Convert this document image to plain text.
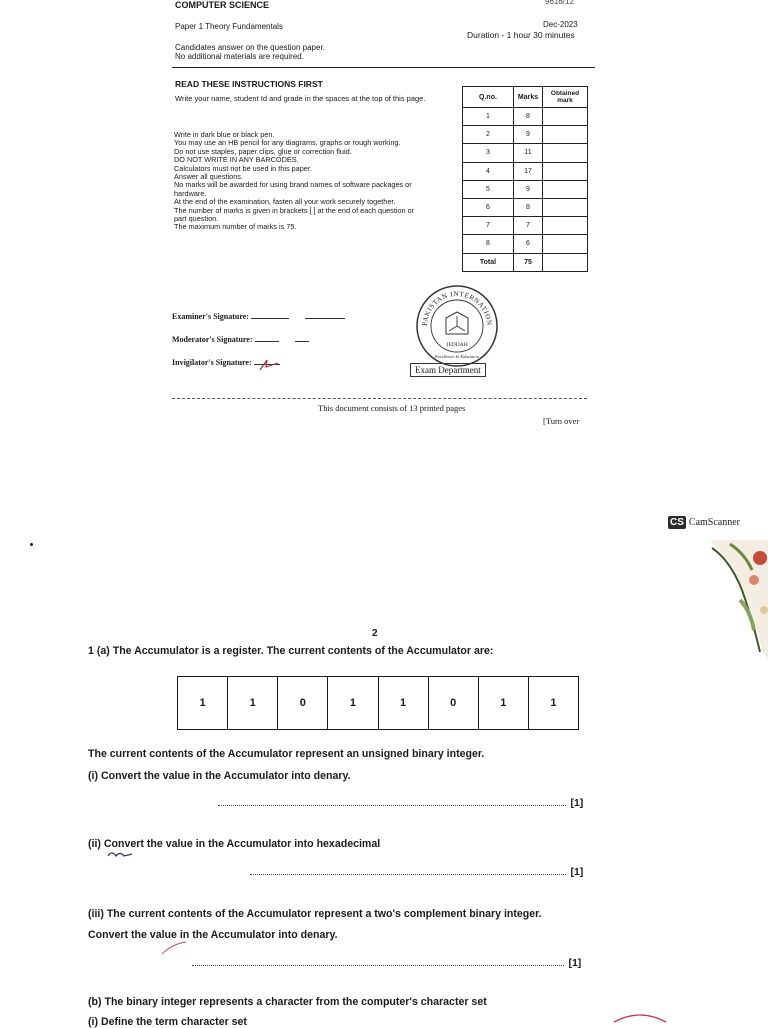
COMPUTER SCIENCE	9618/12
Paper 1 Theory Fundamentals	Dec-2023
Duration - 1 hour 30 minutes
Candidates answer on the question paper.
No additional materials are required.
READ THESE INSTRUCTIONS FIRST
Write your name, student Id and grade in the spaces at the top of this page.
Write in dark blue or black pen.
You may use an HB pencil for any diagrams, graphs or rough working.
Do not use staples, paper clips, glue or correction fluid.
DO NOT WRITE IN ANY BARCODES.
Calculators must not be used in this paper.
Answer all questions.
No marks will be awarded for using brand names of software packages or
hardware.
At the end of the examination, fasten all your work securely together.
The number of marks is given in brackets [ ] at the end of each question or
part question.
The maximum number of marks is 75.
Q.no.	Marks	Obtained mark
1	8	
2	9	
3	11	
4	17	
5	9	
6	8	
7	7	
8	6	
Total	75	
Examiner's Signature:
Moderator's Signature:
Invigilator's Signature:
PAKISTAN INTERNATION
JEDDAH
Excellence In Education
Exam Department
This document consists of 13 printed pages
[Turn over
CS CamScanner
2
1 (a) The Accumulator is a register. The current contents of the Accumulator are:
1	1	0	1	1	0	1	1
The current contents of the Accumulator represent an unsigned binary integer.
(i) Convert the value in the Accumulator into denary.
[1]
(ii) Convert the value in the Accumulator into hexadecimal
[1]
(iii) The current contents of the Accumulator represent a two's complement binary integer.
Convert the value in the Accumulator into denary.
[1]
(b) The binary integer represents a character from the computer's character set
(i) Define the term character set
